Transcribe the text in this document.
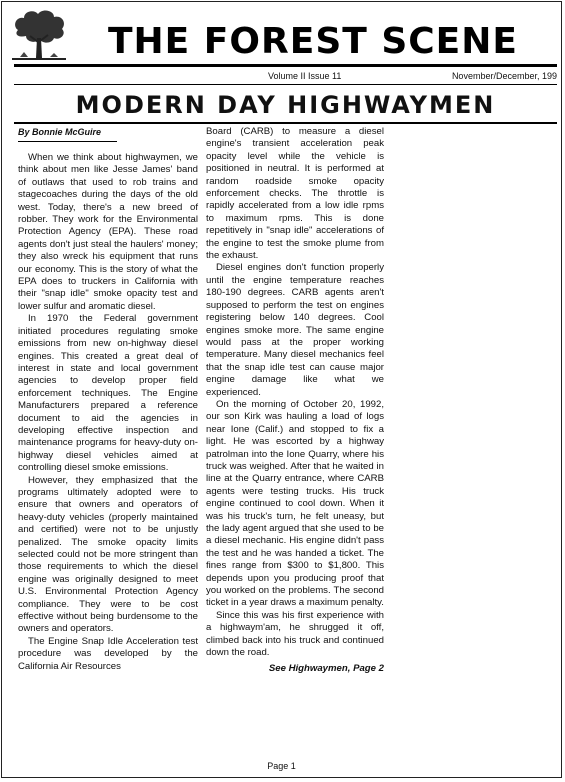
THE FOREST SCENE
Volume II Issue 11	November/December, 199
MODERN DAY HIGHWAYMEN
By Bonnie McGuire

When we think about highwaymen, we think about men like Jesse James' band of outlaws that used to rob trains and stagecoaches during the days of the old west. Today, there's a new breed of robber. They work for the Environmental Protection Agency (EPA). These road agents don't just steal the haulers' money; they also wreck his equipment that runs our economy. This is the story of what the EPA does to truckers in California with their "snap idle" smoke opacity test and lower sulfur and aromatic diesel.

In 1970 the Federal government initiated procedures regulating smoke emissions from new on-highway diesel engines. This created a great deal of interest in state and local government agencies to develop proper field enforcement techniques. The Engine Manufacturers prepared a reference document to aid the agencies in developing effective inspection and maintenance programs for heavy-duty on-highway diesel vehicles aimed at controlling diesel smoke emissions.

However, they emphasized that the programs ultimately adopted were to ensure that owners and operators of heavy-duty vehicles (properly maintained and certified) were not to be unjustly penalized. The smoke opacity limits selected could not be more stringent than those requirements to which the diesel engine was originally designed to meet U.S. Environmental Protection Agency compliance. They were to be cost effective without being burdensome to the owners and operators.

The Engine Snap Idle Acceleration test procedure was developed by the California Air Resources

Board (CARB) to measure a diesel engine's transient acceleration peak opacity level while the vehicle is positioned in neutral. It is performed at random roadside smoke opacity enforcement checks. The throttle is rapidly accelerated from a low idle rpms to maximum rpms. This is done repetitively in "snap idle" accelerations of the engine to test the smoke plume from the exhaust.

Diesel engines don't function properly until the engine temperature reaches 180-190 degrees. CARB agents aren't supposed to perform the test on engines registering below 140 degrees. Cool engines smoke more. The same engine would pass at the proper working temperature. Many diesel mechanics feel that the snap idle test can cause major engine damage like what we experienced.

On the morning of October 20, 1992, our son Kirk was hauling a load of logs near Ione (Calif.) and stopped to fix a light. He was escorted by a highway patrolman into the Ione Quarry, where his truck was weighed. After that he waited in line at the Quarry entrance, where CARB agents were testing trucks. His truck engine continued to cool down. When it was his truck's turn, he felt uneasy, but the lady agent argued that she used to be a diesel mechanic. His engine didn't pass the test and he was handed a ticket. The fines range from $300 to $1,800. This depends upon you producing proof that you worked on the problems. The second ticket in a year draws a maximum penalty.

Since this was his first experience with a highwaym'am, he shrugged it off, climbed back into his truck and continued down the road.

See Highwaymen, Page 2
Page 1
